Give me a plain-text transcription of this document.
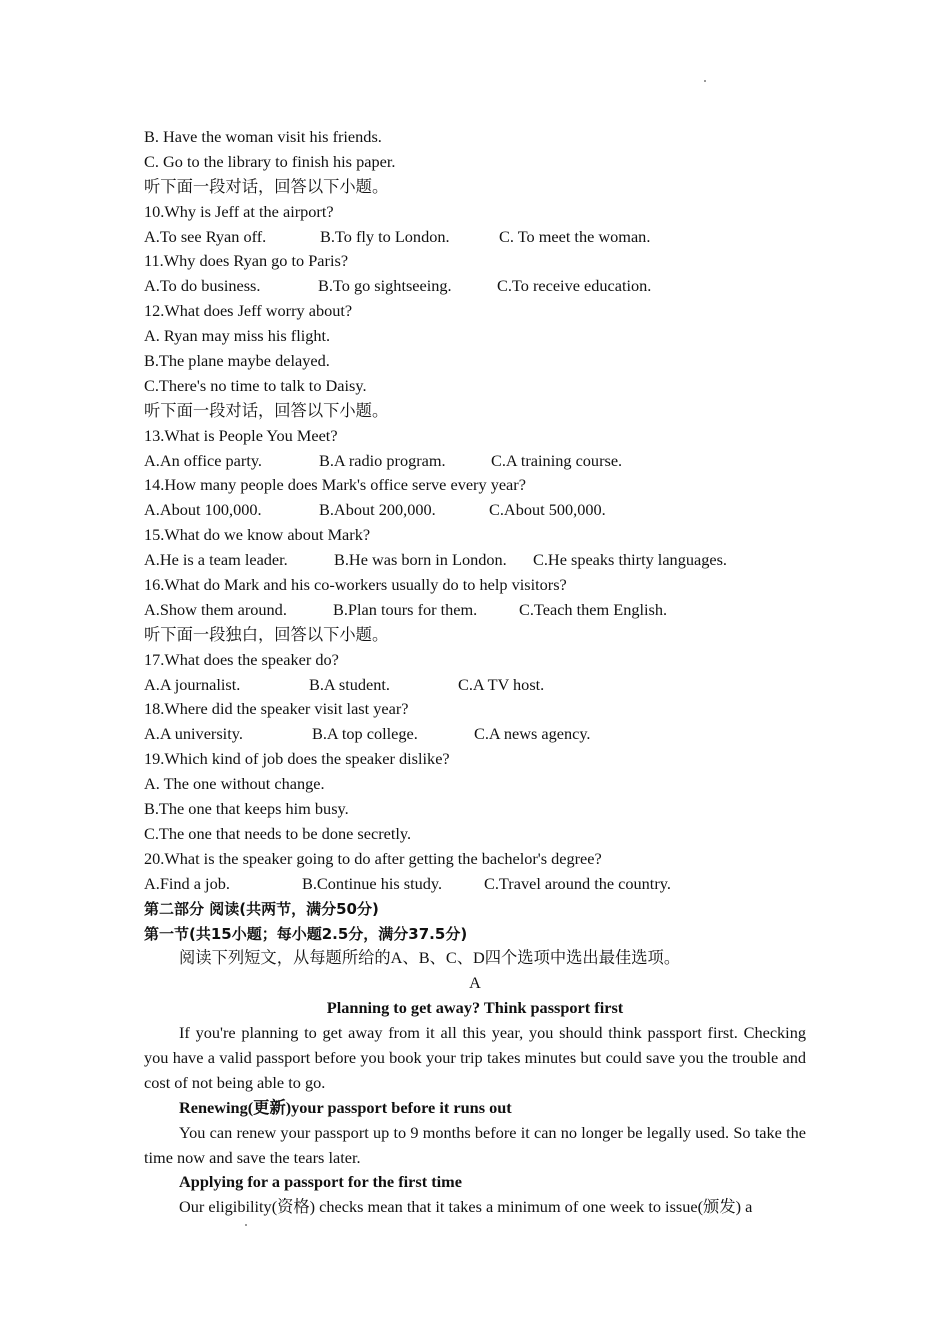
B. Have the woman visit his friends.
C. Go to the library to finish his paper.
听下面一段对话，回答以下小题。
10.Why is Jeff at the airport?
A.To see Ryan off.	B.To fly to London.	C. To meet the woman.
11.Why does Ryan go to Paris?
A.To do business.	B.To go sightseeing.	C.To receive education.
12.What does Jeff worry about?
A. Ryan may miss his flight.
B.The plane maybe delayed.
C.There's no time to talk to Daisy.
听下面一段对话，回答以下小题。
13.What is People You Meet?
A.An office party.	B.A radio program.	C.A training course.
14.How many people does Mark's office serve every year?
A.About 100,000.	B.About 200,000.	C.About 500,000.
15.What do we know about Mark?
A.He is a team leader.	B.He was born in London.	C.He speaks thirty languages.
16.What do Mark and his co-workers usually do to help visitors?
A.Show them around.	B.Plan tours for them.	C.Teach them English.
听下面一段独白，回答以下小题。
17.What does the speaker do?
A.A journalist.	B.A student.	C.A TV host.
18.Where did the speaker visit last year?
A.A university.	B.A top college.	C.A news agency.
19.Which kind of job does the speaker dislike?
A. The one without change.
B.The one that keeps him busy.
C.The one that needs to be done secretly.
20.What is the speaker going to do after getting the bachelor's degree?
A.Find a job.	B.Continue his study.	C.Travel around the country.
第二部分 阅读(共两节，满分50分)
第一节(共15小题；每小题2.5分，满分37.5分)
阅读下列短文，从每题所给的A、B、C、D四个选项中选出最佳选项。
A
Planning to get away? Think passport first
If you're planning to get away from it all this year, you should think passport first. Checking you have a valid passport before you book your trip takes minutes but could save you the trouble and cost of not being able to go.
Renewing(更新)your passport before it runs out
You can renew your passport up to 9 months before it can no longer be legally used. So take the time now and save the tears later.
Applying for a passport for the first time
Our eligibility(资格) checks mean that it takes a minimum of one week to issue(颁发) a
